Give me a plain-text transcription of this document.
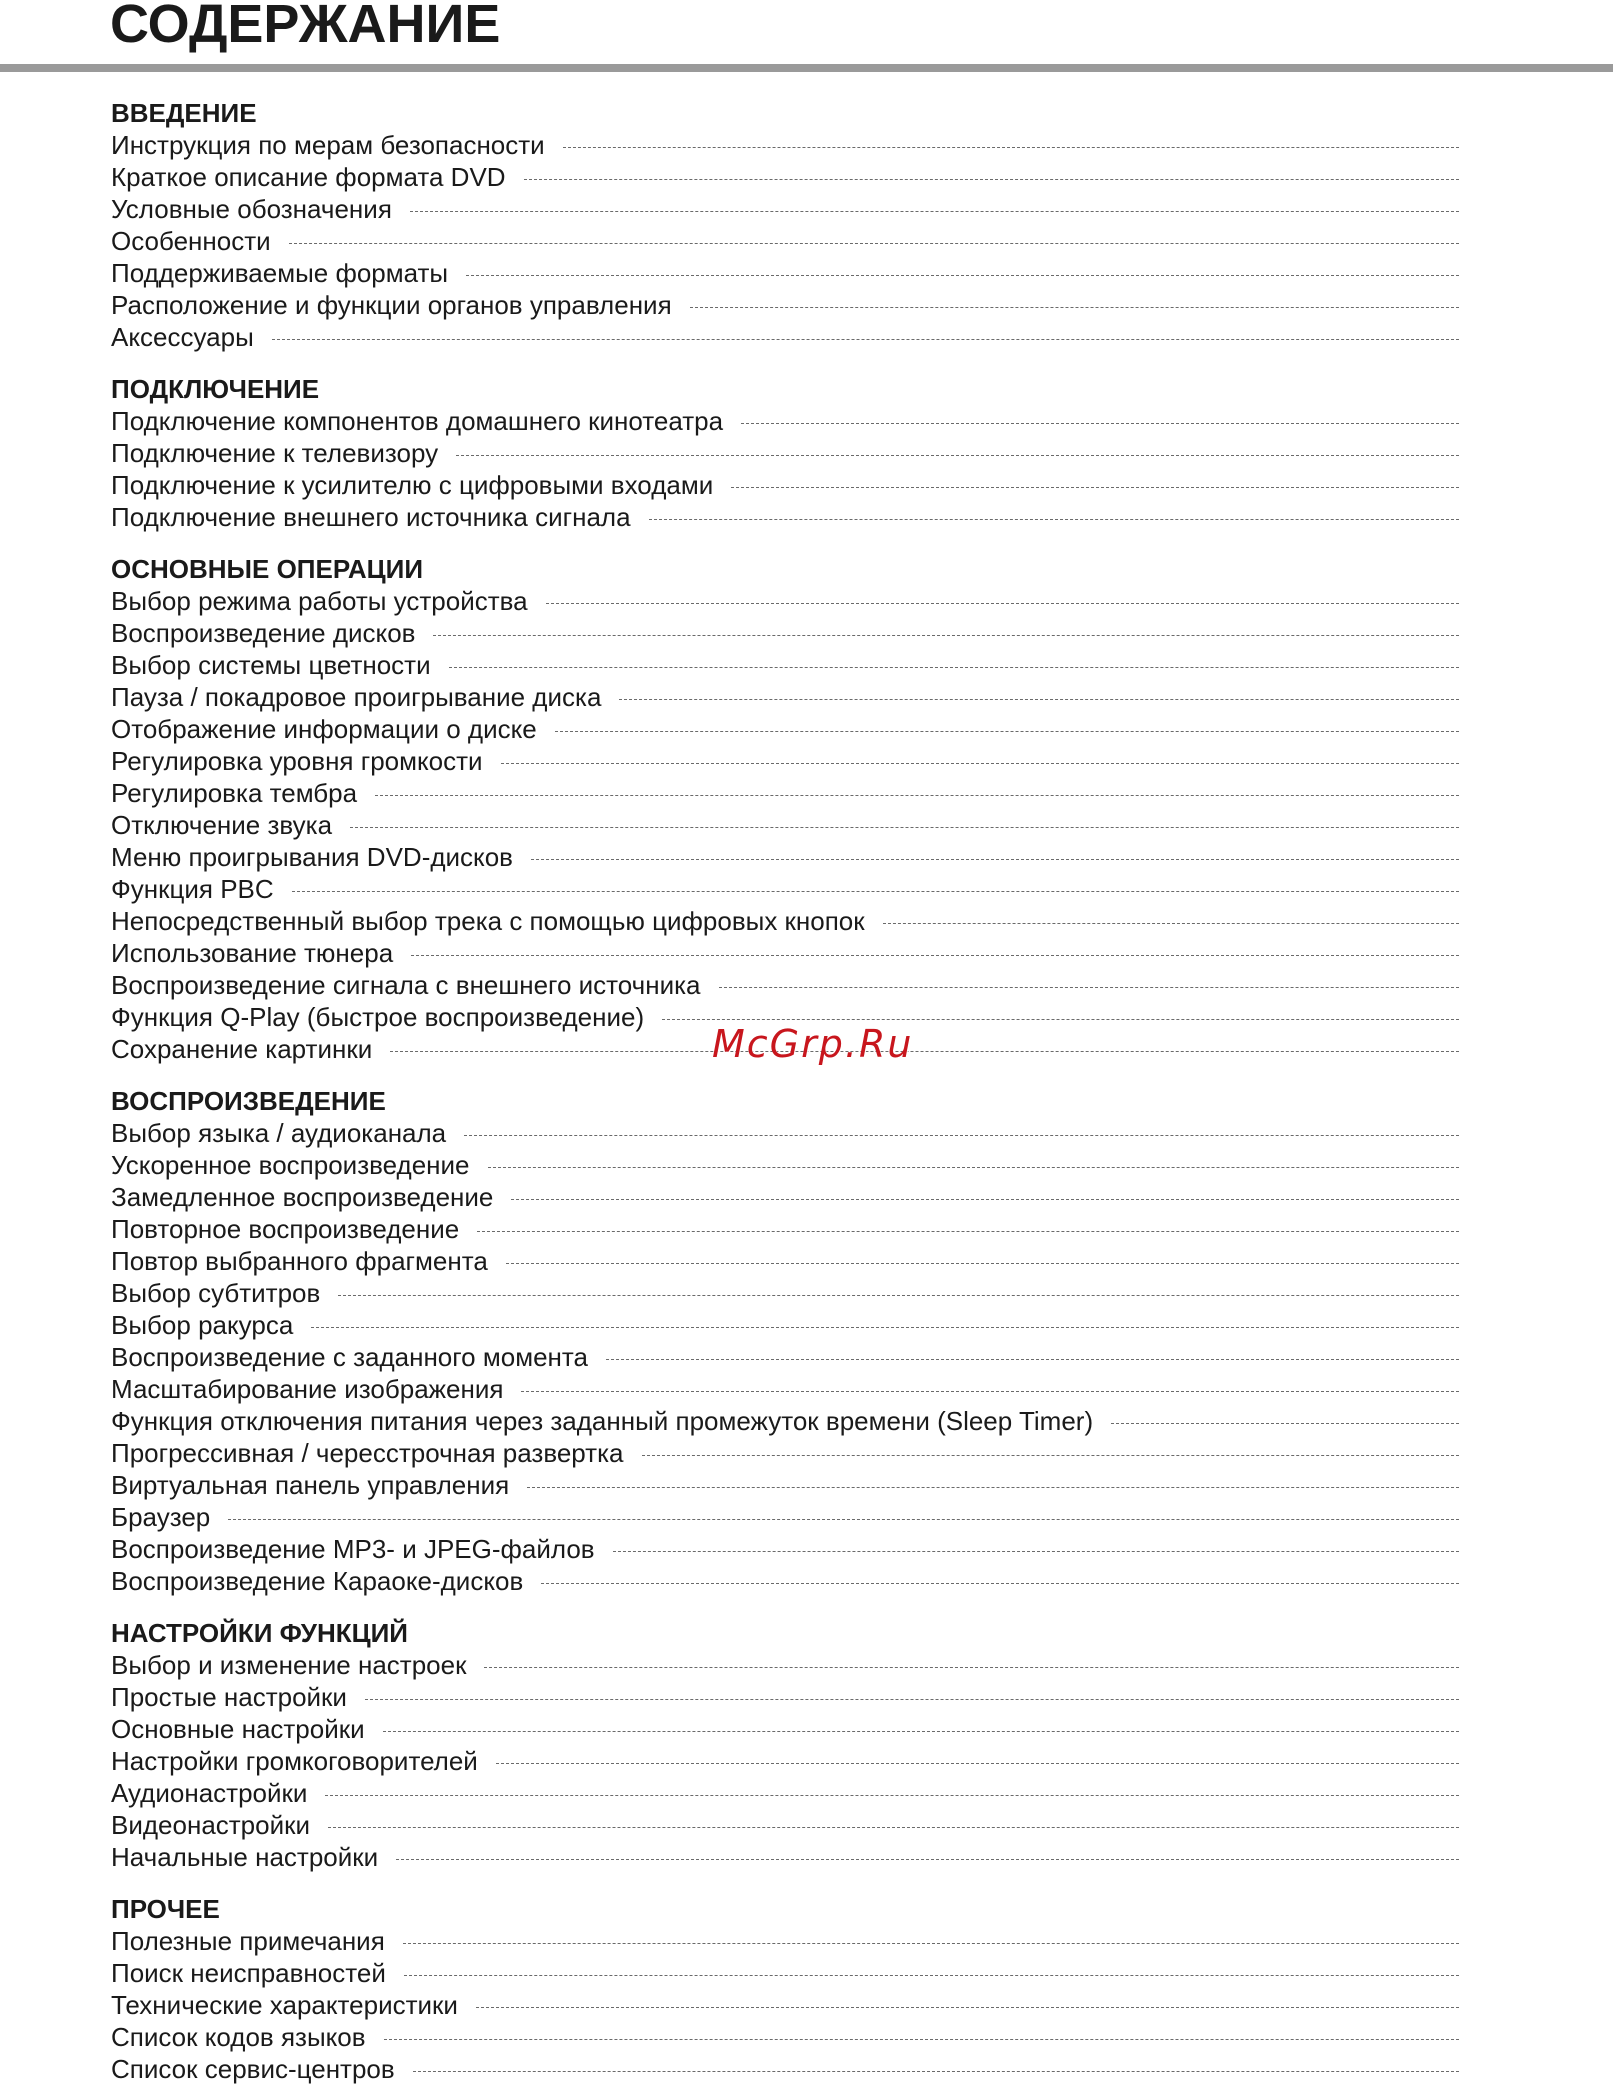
СОДЕРЖАНИЕ
ВВЕДЕНИЕ
Инструкция по мерам безопасности
Краткое описание формата DVD
Условные обозначения
Особенности
Поддерживаемые форматы
Расположение и функции органов управления
Аксессуары
ПОДКЛЮЧЕНИЕ
Подключение компонентов домашнего кинотеатра
Подключение к телевизору
Подключение к усилителю с цифровыми входами
Подключение внешнего источника сигнала
ОСНОВНЫЕ ОПЕРАЦИИ
Выбор режима работы устройства
Воспроизведение дисков
Выбор системы цветности
Пауза / покадровое проигрывание диска
Отображение информации о диске
Регулировка уровня громкости
Регулировка тембра
Отключение звука
Меню проигрывания DVD-дисков
Функция PBC
Непосредственный выбор трека с помощью цифровых кнопок
Использование тюнера
Воспроизведение сигнала с внешнего источника
Функция Q-Play (быстрое воспроизведение)
Сохранение картинки
ВОСПРОИЗВЕДЕНИЕ
Выбор языка / аудиоканала
Ускоренное воспроизведение
Замедленное воспроизведение
Повторное воспроизведение
Повтор выбранного фрагмента
Выбор субтитров
Выбор ракурса
Воспроизведение с заданного момента
Масштабирование изображения
Функция отключения питания через заданный промежуток времени (Sleep Timer)
Прогрессивная / чересстрочная развертка
Виртуальная панель управления
Браузер
Воспроизведение MP3- и JPEG-файлов
Воспроизведение Караоке-дисков
НАСТРОЙКИ ФУНКЦИЙ
Выбор и изменение настроек
Простые настройки
Основные настройки
Настройки громкоговорителей
Аудионастройки
Видеонастройки
Начальные настройки
ПРОЧЕЕ
Полезные примечания
Поиск неисправностей
Технические характеристики
Список кодов языков
Список сервис-центров
McGrp.Ru
